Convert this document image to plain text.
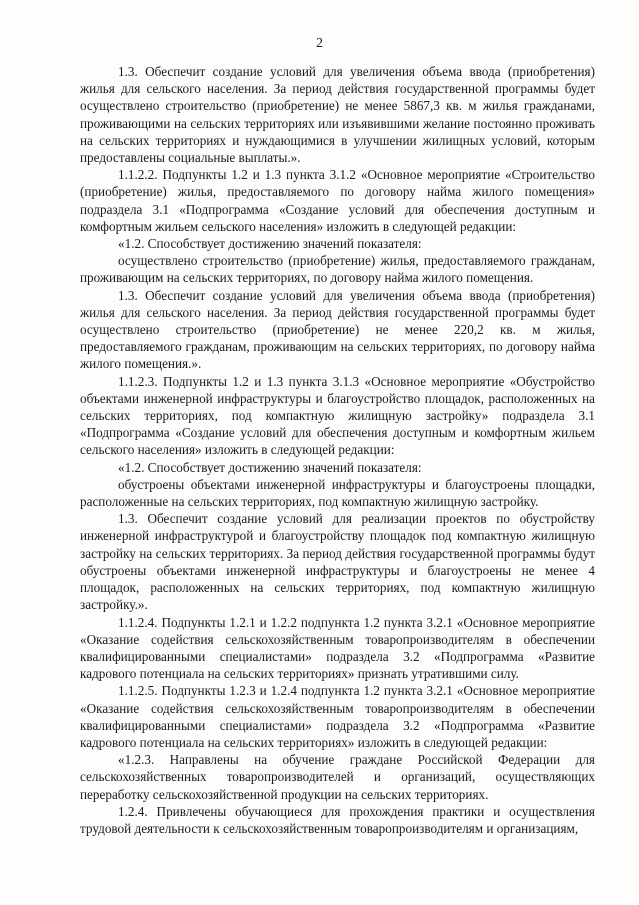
2

1.3. Обеспечит создание условий для увеличения объема ввода (приобретения) жилья для сельского населения. За период действия государственной программы будет осуществлено строительство (приобретение) не менее 5867,3 кв. м жилья гражданами, проживающими на сельских территориях или изъявившими желание постоянно проживать на сельских территориях и нуждающимися в улучшении жилищных условий, которым предоставлены социальные выплаты.».

1.1.2.2. Подпункты 1.2 и 1.3 пункта 3.1.2 «Основное мероприятие «Строительство (приобретение) жилья, предоставляемого по договору найма жилого помещения» подраздела 3.1 «Подпрограмма «Создание условий для обеспечения доступным и комфортным жильем сельского населения» изложить в следующей редакции:

«1.2. Способствует достижению значений показателя:

осуществлено строительство (приобретение) жилья, предоставляемого гражданам, проживающим на сельских территориях, по договору найма жилого помещения.

1.3. Обеспечит создание условий для увеличения объема ввода (приобретения) жилья для сельского населения. За период действия государственной программы будет осуществлено строительство (приобретение) не менее 220,2 кв. м жилья, предоставляемого гражданам, проживающим на сельских территориях, по договору найма жилого помещения.».

1.1.2.3. Подпункты 1.2 и 1.3 пункта 3.1.3 «Основное мероприятие «Обустройство объектами инженерной инфраструктуры и благоустройство площадок, расположенных на сельских территориях, под компактную жилищную застройку» подраздела 3.1 «Подпрограмма «Создание условий для обеспечения доступным и комфортным жильем сельского населения» изложить в следующей редакции:

«1.2. Способствует достижению значений показателя:

обустроены объектами инженерной инфраструктуры и благоустроены площадки, расположенные на сельских территориях, под компактную жилищную застройку.

1.3. Обеспечит создание условий для реализации проектов по обустройству инженерной инфраструктурой и благоустройству площадок под компактную жилищную застройку на сельских территориях. За период действия государственной программы будут обустроены объектами инженерной инфраструктуры и благоустроены не менее 4 площадок, расположенных на сельских территориях, под компактную жилищную застройку.».

1.1.2.4. Подпункты 1.2.1 и 1.2.2 подпункта 1.2 пункта 3.2.1 «Основное мероприятие «Оказание содействия сельскохозяйственным товаропроизводителям в обеспечении квалифицированными специалистами» подраздела 3.2 «Подпрограмма «Развитие кадрового потенциала на сельских территориях» признать утратившими силу.

1.1.2.5. Подпункты 1.2.3 и 1.2.4 подпункта 1.2 пункта 3.2.1 «Основное мероприятие «Оказание содействия сельскохозяйственным товаропроизводителям в обеспечении квалифицированными специалистами» подраздела 3.2 «Подпрограмма «Развитие кадрового потенциала на сельских территориях» изложить в следующей редакции:

«1.2.3. Направлены на обучение граждане Российской Федерации для сельскохозяйственных товаропроизводителей и организаций, осуществляющих переработку сельскохозяйственной продукции на сельских территориях.

1.2.4. Привлечены обучающиеся для прохождения практики и осуществления трудовой деятельности к сельскохозяйственным товаропроизводителям и организациям,
